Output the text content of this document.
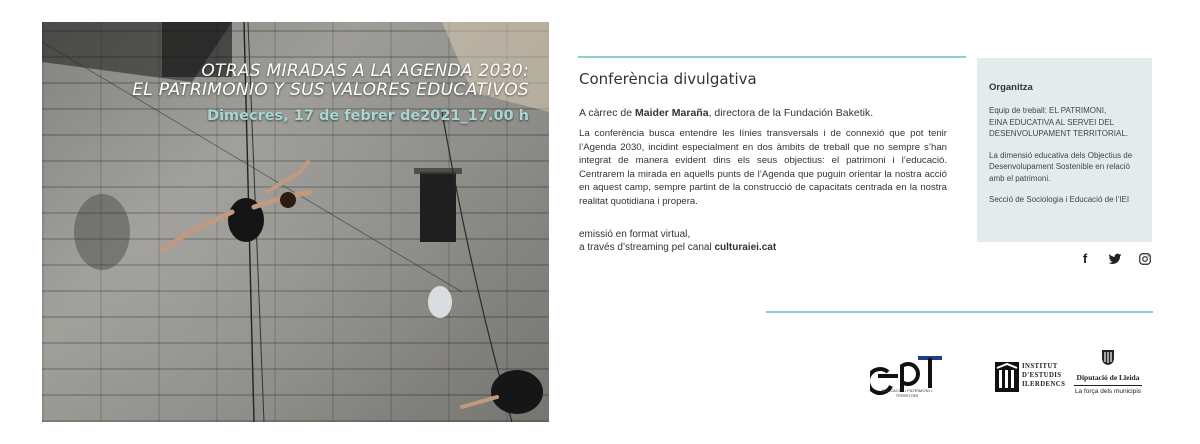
OTRAS MIRADAS A LA AGENDA 2030:
EL PATRIMONIO Y SUS VALORES EDUCATIVOS
Dimecres, 17 de febrer de2021_17.00 h
Conferència divulgativa
A càrrec de Maider Maraña, directora de la Fundación Baketik.
La conferència busca entendre les línies transversals i de connexió que pot tenir l’Agenda 2030, incidint especialment en dos àmbits de treball que no sempre s’han integrat de manera evident dins els seus objectius: el patrimoni i l’educació. Centrarem la mirada en aquells punts de l’Agenda que puguin orientar la nostra acció en aquest camp, sempre partint de la construcció de capacitats centrada en la nostra realitat quotidiana i propera.
emissió en format virtual,
a través d’streaming pel canal culturaiei.cat
Organitza

Equip de treball: EL PATRIMONI,
EINA EDUCATIVA AL SERVEI DEL
DESENVOLUPAMENT TERRITORIAL.

La dimensió educativa dels Objectius de Desenvolupament Sostenible en relació amb el patrimoni.

Secció de Sociologia i Educació de l’IEI

f
EDUCACIÓ • PATRIMONI • TERRITORI
INSTITUT
D'ESTUDIS
ILERDENCS
Diputació de Lleida
La força dels municipis
